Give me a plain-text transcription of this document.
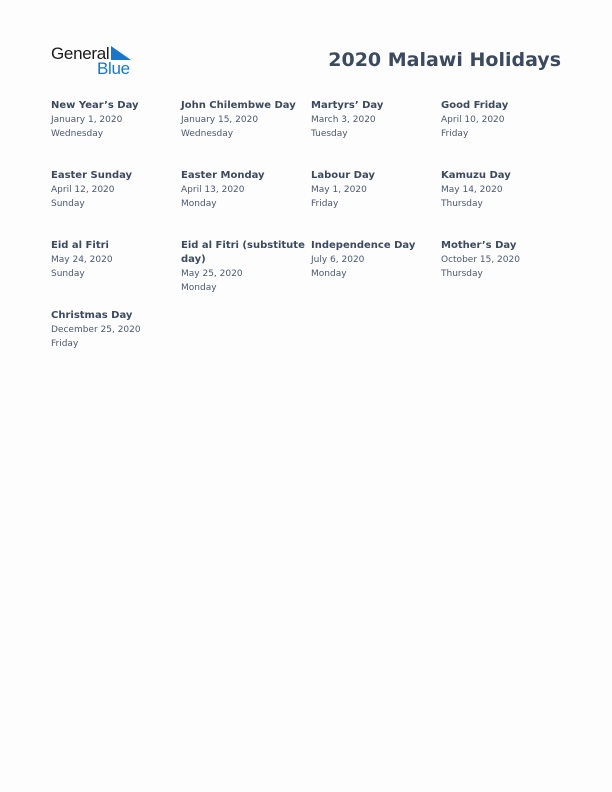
General
Blue	2020 Malawi Holidays
New Year’s Day
January 1, 2020
Wednesday
John Chilembwe Day
January 15, 2020
Wednesday
Martyrs’ Day
March 3, 2020
Tuesday
Good Friday
April 10, 2020
Friday
Easter Sunday
April 12, 2020
Sunday
Easter Monday
April 13, 2020
Monday
Labour Day
May 1, 2020
Friday
Kamuzu Day
May 14, 2020
Thursday
Eid al Fitri
May 24, 2020
Sunday
Eid al Fitri (substitute day)
May 25, 2020
Monday
Independence Day
July 6, 2020
Monday
Mother’s Day
October 15, 2020
Thursday
Christmas Day
December 25, 2020
Friday
